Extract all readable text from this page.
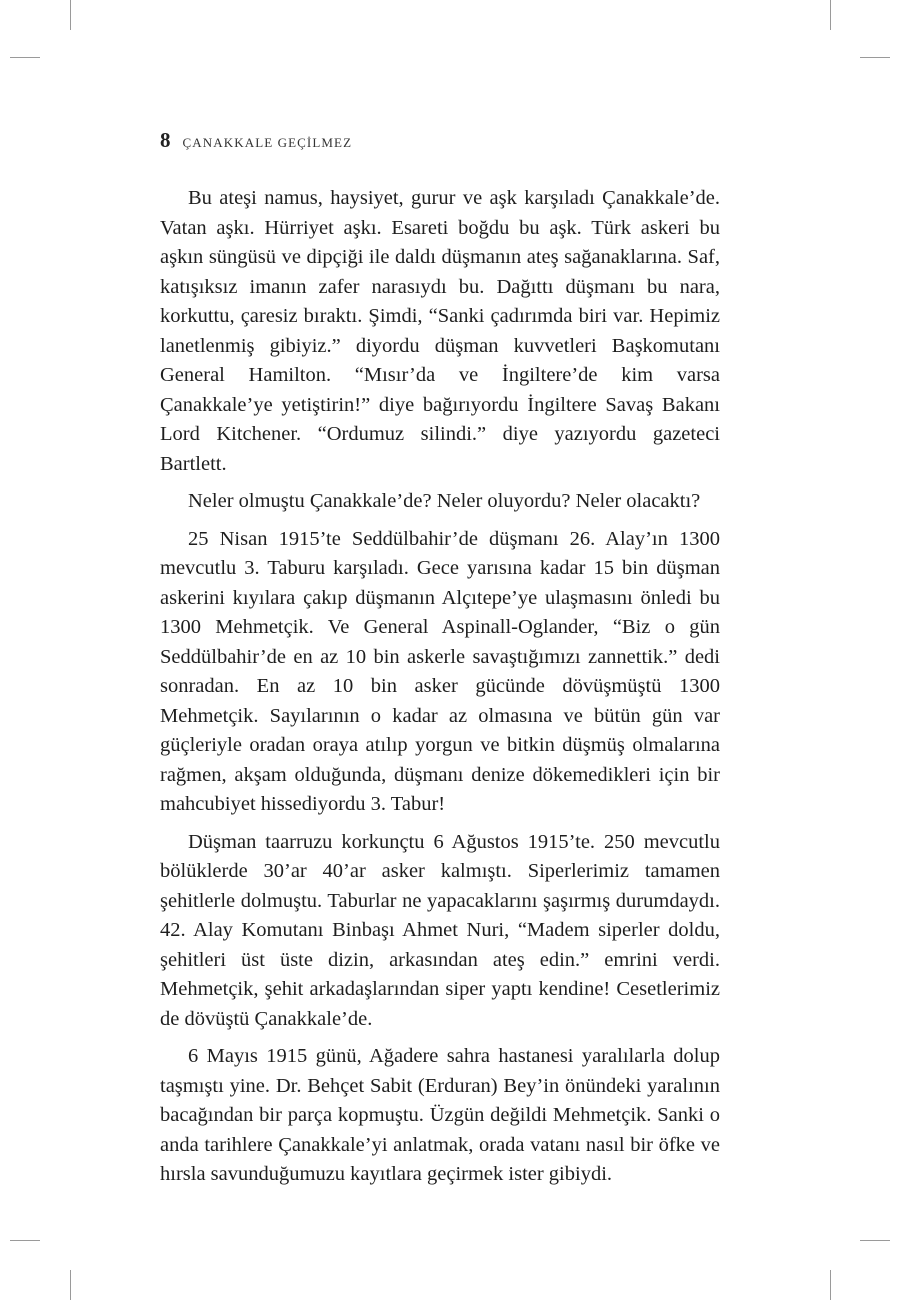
8 ÇANAKKALE GEÇİLMEZ

Bu ateşi namus, haysiyet, gurur ve aşk karşıladı Çanakkale’de. Vatan aşkı. Hürriyet aşkı. Esareti boğdu bu aşk. Türk askeri bu aşkın süngüsü ve dipçiği ile daldı düşmanın ateş sağanaklarına. Saf, katışıksız imanın zafer narasıydı bu. Dağıttı düşmanı bu nara, korkuttu, çaresiz bıraktı. Şimdi, “Sanki çadırımda biri var. Hepimiz lanetlenmiş gibiyiz.” diyordu düşman kuvvetleri Başkomutanı General Hamilton. “Mısır’da ve İngiltere’de kim varsa Çanakkale’ye yetiştirin!” diye bağırıyordu İngiltere Savaş Bakanı Lord Kitchener. “Ordumuz silindi.” diye yazıyordu gazeteci Bartlett.

Neler olmuştu Çanakkale’de? Neler oluyordu? Neler olacaktı?

25 Nisan 1915’te Seddülbahir’de düşmanı 26. Alay’ın 1300 mevcutlu 3. Taburu karşıladı. Gece yarısına kadar 15 bin düşman askerini kıyılara çakıp düşmanın Alçıtepe’ye ulaşmasını önledi bu 1300 Mehmetçik. Ve General Aspinall-Oglander, “Biz o gün Seddülbahir’de en az 10 bin askerle savaştığımızı zannettik.” dedi sonradan. En az 10 bin asker gücünde dövüşmüştü 1300 Mehmetçik. Sayılarının o kadar az olmasına ve bütün gün var güçleriyle oradan oraya atılıp yorgun ve bitkin düşmüş olmalarına rağmen, akşam olduğunda, düşmanı denize dökemedikleri için bir mahcubiyet hissediyordu 3. Tabur!

Düşman taarruzu korkunçtu 6 Ağustos 1915’te. 250 mevcutlu bölüklerde 30’ar 40’ar asker kalmıştı. Siperlerimiz tamamen şehitlerle dolmuştu. Taburlar ne yapacaklarını şaşırmış durumdaydı. 42. Alay Komutanı Binbaşı Ahmet Nuri, “Madem siperler doldu, şehitleri üst üste dizin, arkasından ateş edin.” emrini verdi. Mehmetçik, şehit arkadaşlarından siper yaptı kendine! Cesetlerimiz de dövüştü Çanakkale’de.

6 Mayıs 1915 günü, Ağadere sahra hastanesi yaralılarla dolup taşmıştı yine. Dr. Behçet Sabit (Erduran) Bey’in önündeki yaralının bacağından bir parça kopmuştu. Üzgün değildi Mehmetçik. Sanki o anda tarihlere Çanakkale’yi anlatmak, orada vatanı nasıl bir öfke ve hırsla savunduğumuzu kayıtlara geçirmek ister gibiydi.
